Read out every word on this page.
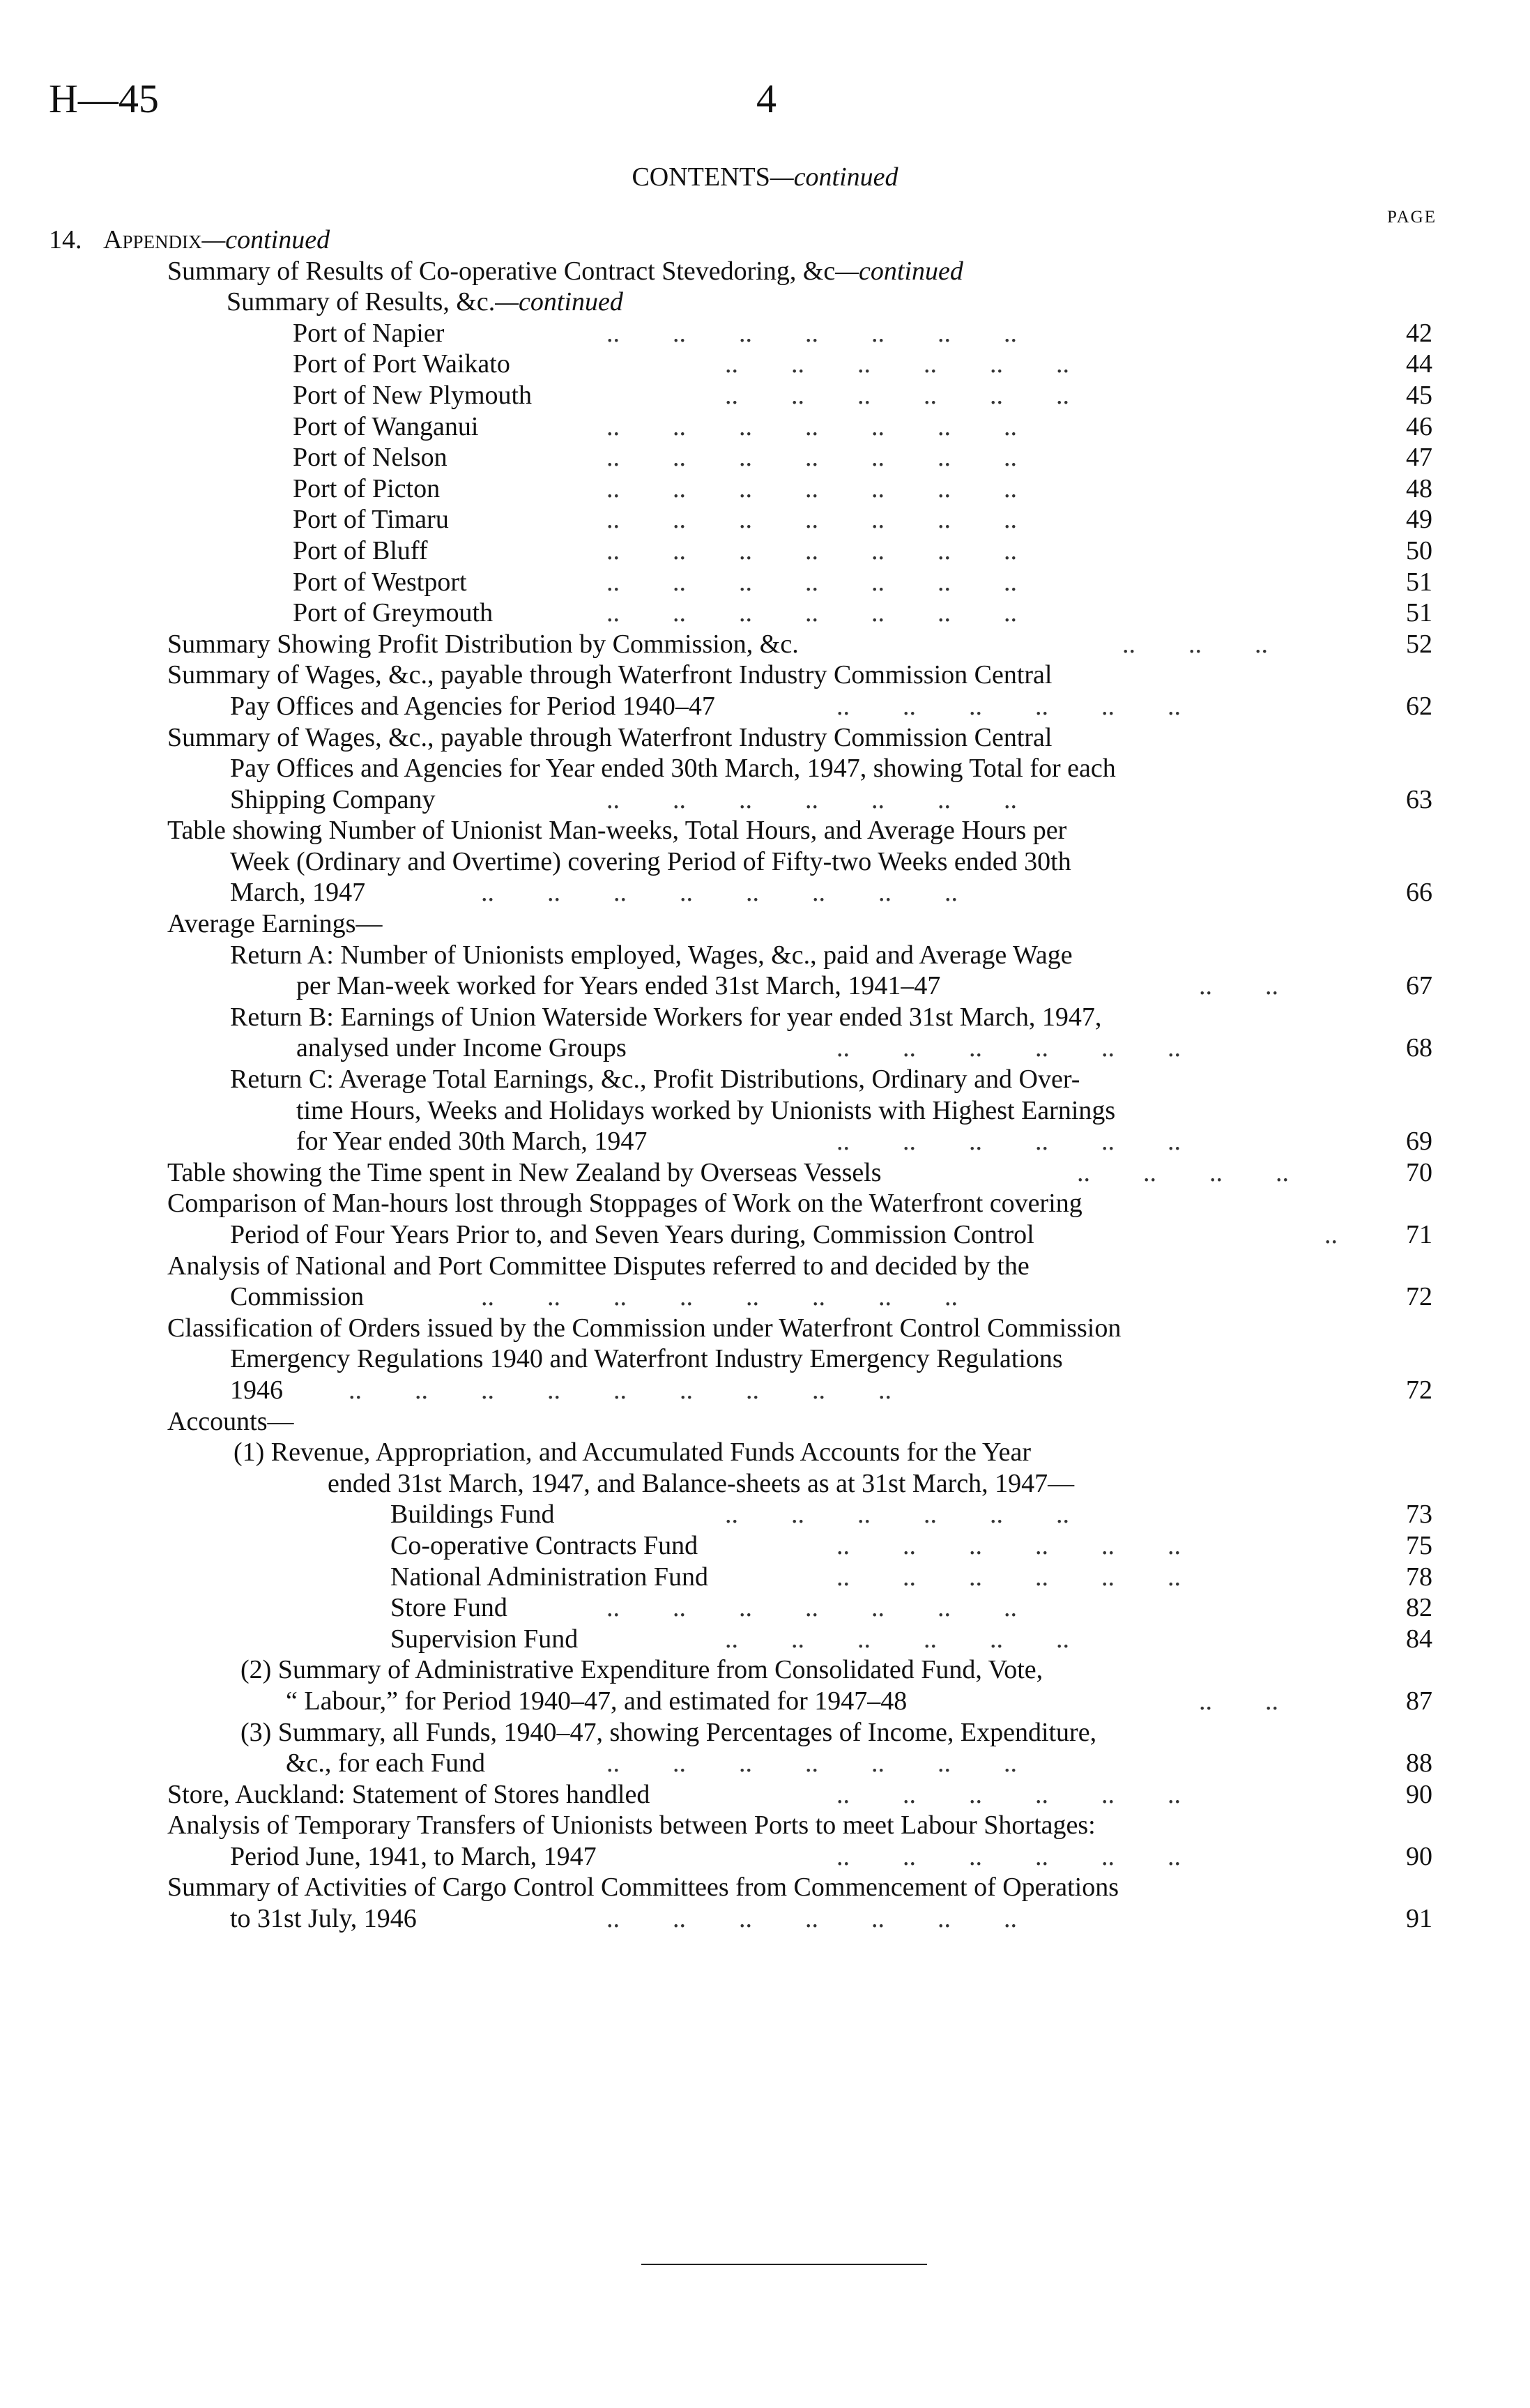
H—45	4
CONTENTS—continued
PAGE
14. Appendix—continued
Summary of Results of Co-operative Contract Stevedoring, &c—continued
Summary of Results, &c.—continued
Port of Napier	..  ..  ..  ..  ..  ..  ..	42
Port of Port Waikato	..  ..  ..  ..  ..  ..	44
Port of New Plymouth	..  ..  ..  ..  ..  ..	45
Port of Wanganui	..  ..  ..  ..  ..  ..  ..	46
Port of Nelson	..  ..  ..  ..  ..  ..  ..	47
Port of Picton	..  ..  ..  ..  ..  ..  ..	48
Port of Timaru	..  ..  ..  ..  ..  ..  ..	49
Port of Bluff	..  ..  ..  ..  ..  ..  ..	50
Port of Westport	..  ..  ..  ..  ..  ..  ..	51
Port of Greymouth	..  ..  ..  ..  ..  ..  ..	51
Summary Showing Profit Distribution by Commission, &c.	..  ..  ..	52
Summary of Wages, &c., payable through Waterfront Industry Commission Central
Pay Offices and Agencies for Period 1940–47	..  ..  ..  ..  ..  ..	62
Summary of Wages, &c., payable through Waterfront Industry Commission Central
Pay Offices and Agencies for Year ended 30th March, 1947, showing Total for each
Shipping Company	..  ..  ..  ..  ..  ..  ..	63
Table showing Number of Unionist Man-weeks, Total Hours, and Average Hours per
Week (Ordinary and Overtime) covering Period of Fifty-two Weeks ended 30th
March, 1947	..  ..  ..  ..  ..  ..  ..  ..	66
Average Earnings—
Return A: Number of Unionists employed, Wages, &c., paid and Average Wage
per Man-week worked for Years ended 31st March, 1941–47	..  ..	67
Return B: Earnings of Union Waterside Workers for year ended 31st March, 1947,
analysed under Income Groups	..  ..  ..  ..  ..  ..	68
Return C: Average Total Earnings, &c., Profit Distributions, Ordinary and Over-
time Hours, Weeks and Holidays worked by Unionists with Highest Earnings
for Year ended 30th March, 1947	..  ..  ..  ..  ..  ..	69
Table showing the Time spent in New Zealand by Overseas Vessels	..  ..  ..  ..	70
Comparison of Man-hours lost through Stoppages of Work on the Waterfront covering
Period of Four Years Prior to, and Seven Years during, Commission Control	..	71
Analysis of National and Port Committee Disputes referred to and decided by the
Commission	..  ..  ..  ..  ..  ..  ..  ..	72
Classification of Orders issued by the Commission under Waterfront Control Commission
Emergency Regulations 1940 and Waterfront Industry Emergency Regulations
1946 ..  ..  ..  ..  ..  ..  ..  ..  ..	72
Accounts—
(1) Revenue, Appropriation, and Accumulated Funds Accounts for the Year
ended 31st March, 1947, and Balance-sheets as at 31st March, 1947—
Buildings Fund	..  ..  ..  ..  ..  ..	73
Co-operative Contracts Fund	..  ..  ..  ..  ..  ..	75
National Administration Fund	..  ..  ..  ..  ..  ..	78
Store Fund	..  ..  ..  ..  ..  ..  ..	82
Supervision Fund	..  ..  ..  ..  ..  ..	84
(2) Summary of Administrative Expenditure from Consolidated Fund, Vote,
“ Labour,” for Period 1940–47, and estimated for 1947–48	..  ..	87
(3) Summary, all Funds, 1940–47, showing Percentages of Income, Expenditure,
&c., for each Fund	..  ..  ..  ..  ..  ..  ..	88
Store, Auckland: Statement of Stores handled	..  ..  ..  ..  ..  ..	90
Analysis of Temporary Transfers of Unionists between Ports to meet Labour Shortages:
Period June, 1941, to March, 1947	..  ..  ..  ..  ..  ..	90
Summary of Activities of Cargo Control Committees from Commencement of Operations
to 31st July, 1946	..  ..  ..  ..  ..  ..  ..	91
